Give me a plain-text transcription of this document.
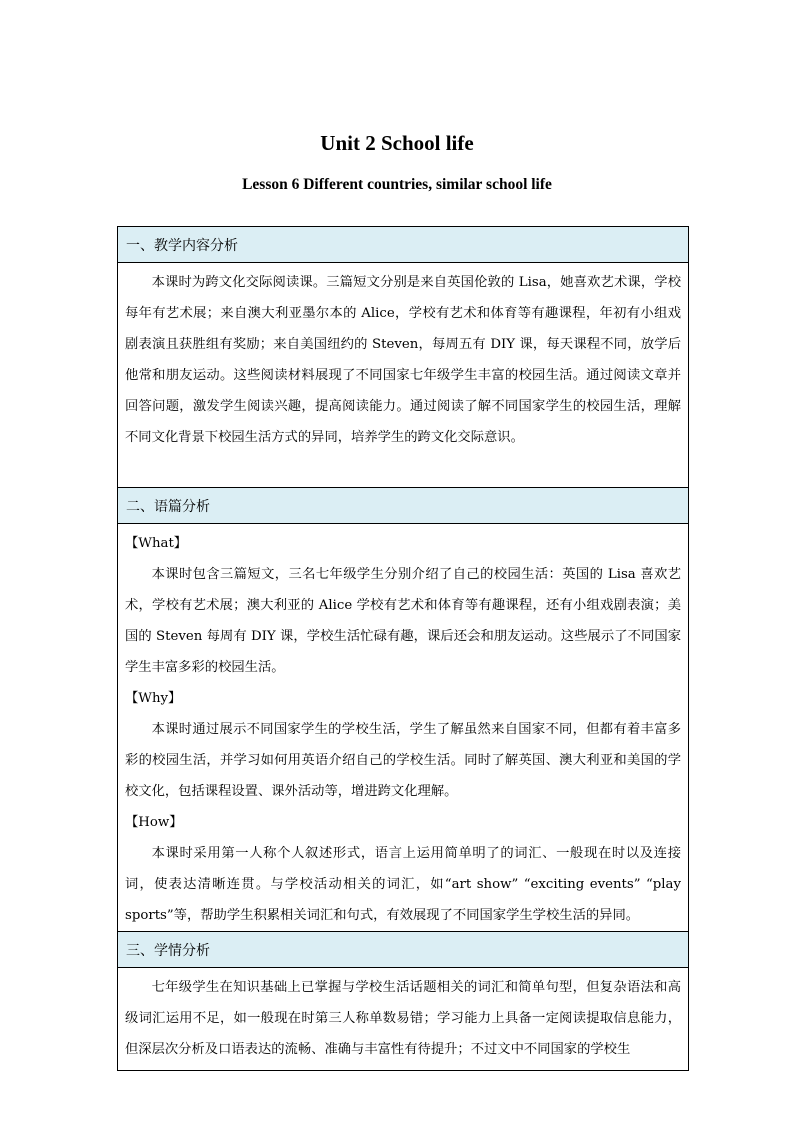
Unit 2 School life
Lesson 6 Different countries, similar school life
一、教学内容分析

本课时为跨文化交际阅读课。三篇短文分别是来自英国伦敦的 Lisa，她喜欢艺术课，学校每年有艺术展；来自澳大利亚墨尔本的 Alice，学校有艺术和体育等有趣课程，年初有小组戏剧表演且获胜组有奖励；来自美国纽约的 Steven，每周五有 DIY 课，每天课程不同，放学后他常和朋友运动。这些阅读材料展现了不同国家七年级学生丰富的校园生活。通过阅读文章并回答问题，激发学生阅读兴趣，提高阅读能力。通过阅读了解不同国家学生的校园生活，理解不同文化背景下校园生活方式的异同，培养学生的跨文化交际意识。

二、语篇分析

【What】

本课时包含三篇短文，三名七年级学生分别介绍了自己的校园生活：英国的 Lisa 喜欢艺术，学校有艺术展；澳大利亚的 Alice 学校有艺术和体育等有趣课程，还有小组戏剧表演；美国的 Steven 每周有 DIY 课，学校生活忙碌有趣，课后还会和朋友运动。这些展示了不同国家学生丰富多彩的校园生活。

【Why】

本课时通过展示不同国家学生的学校生活，学生了解虽然来自国家不同，但都有着丰富多彩的校园生活，并学习如何用英语介绍自己的学校生活。同时了解英国、澳大利亚和美国的学校文化，包括课程设置、课外活动等，增进跨文化理解。

【How】

本课时采用第一人称个人叙述形式，语言上运用简单明了的词汇、一般现在时以及连接词，使表达清晰连贯。与学校活动相关的词汇，如“art show” “exciting events” “play sports”等，帮助学生积累相关词汇和句式，有效展现了不同国家学生学校生活的异同。

三、学情分析

七年级学生在知识基础上已掌握与学校生活话题相关的词汇和简单句型，但复杂语法和高级词汇运用不足，如一般现在时第三人称单数易错；学习能力上具备一定阅读提取信息能力，但深层次分析及口语表达的流畅、准确与丰富性有待提升；不过文中不同国家的学校生
